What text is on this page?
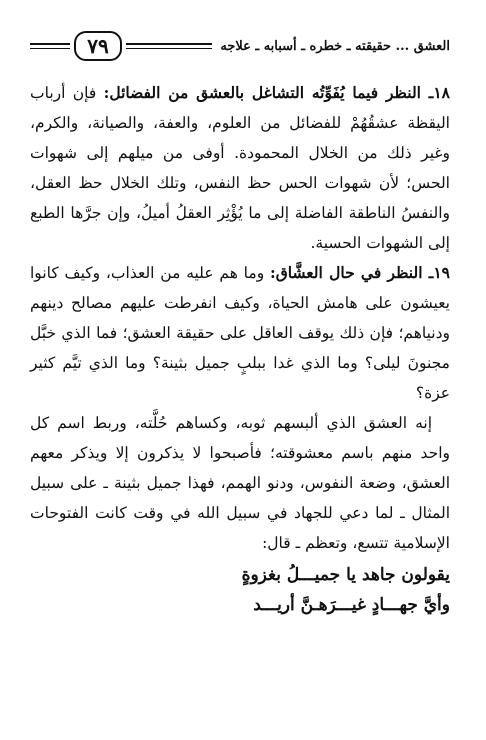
العشق ... حقيقته ـ خطره ـ أسبابه ـ علاجه
٧٩

١٨ـ النظر فيما يُفَوِّتُه التشاغل بالعشق من الفضائل: فإن أرباب اليقظة عشقُهُمْ للفضائل من العلوم، والعفة، والصيانة، والكرم، وغير ذلك من الخلال المحمودة. أوفى من ميلهم إلى شهوات الحس؛ لأن شهوات الحس حظ النفس، وتلك الخلال حظ العقل، والنفسُ الناطقة الفاضلة إلى ما يُؤْثِر العقلُ أميلُ، وإن جرَّها الطبع إلى الشهوات الحسية.

١٩ـ النظر في حال العشَّاق: وما هم عليه من العذاب، وكيف كانوا يعيشون على هامش الحياة، وكيف انفرطت عليهم مصالح دينهم ودنياهم؛ فإن ذلك يوقف العاقل على حقيقة العشق؛ فما الذي خبَّل مجنونَ ليلى؟ وما الذي غدا ببلبٍ جميل بثينة؟ وما الذي تيَّم كثير عزة؟

إنه العشق الذي ألبسهم ثوبه، وكساهم حُلَّته، وربط اسم كل واحد منهم باسم معشوقته؛ فأصبحوا لا يذكرون إلا ويذكر معهم العشق، وضعة النفوس، ودنو الهمم، فهذا جميل بثينة ـ على سبيل المثال ـ لما دعي للجهاد في سبيل الله في وقت كانت الفتوحات الإسلامية تتسع، وتعظم ـ قال:

يقولون جاهد يا جميـــلُ بغزوةٍ
وأيَّ جهـــادٍ غيـــرَهـنَّ أريـــد
